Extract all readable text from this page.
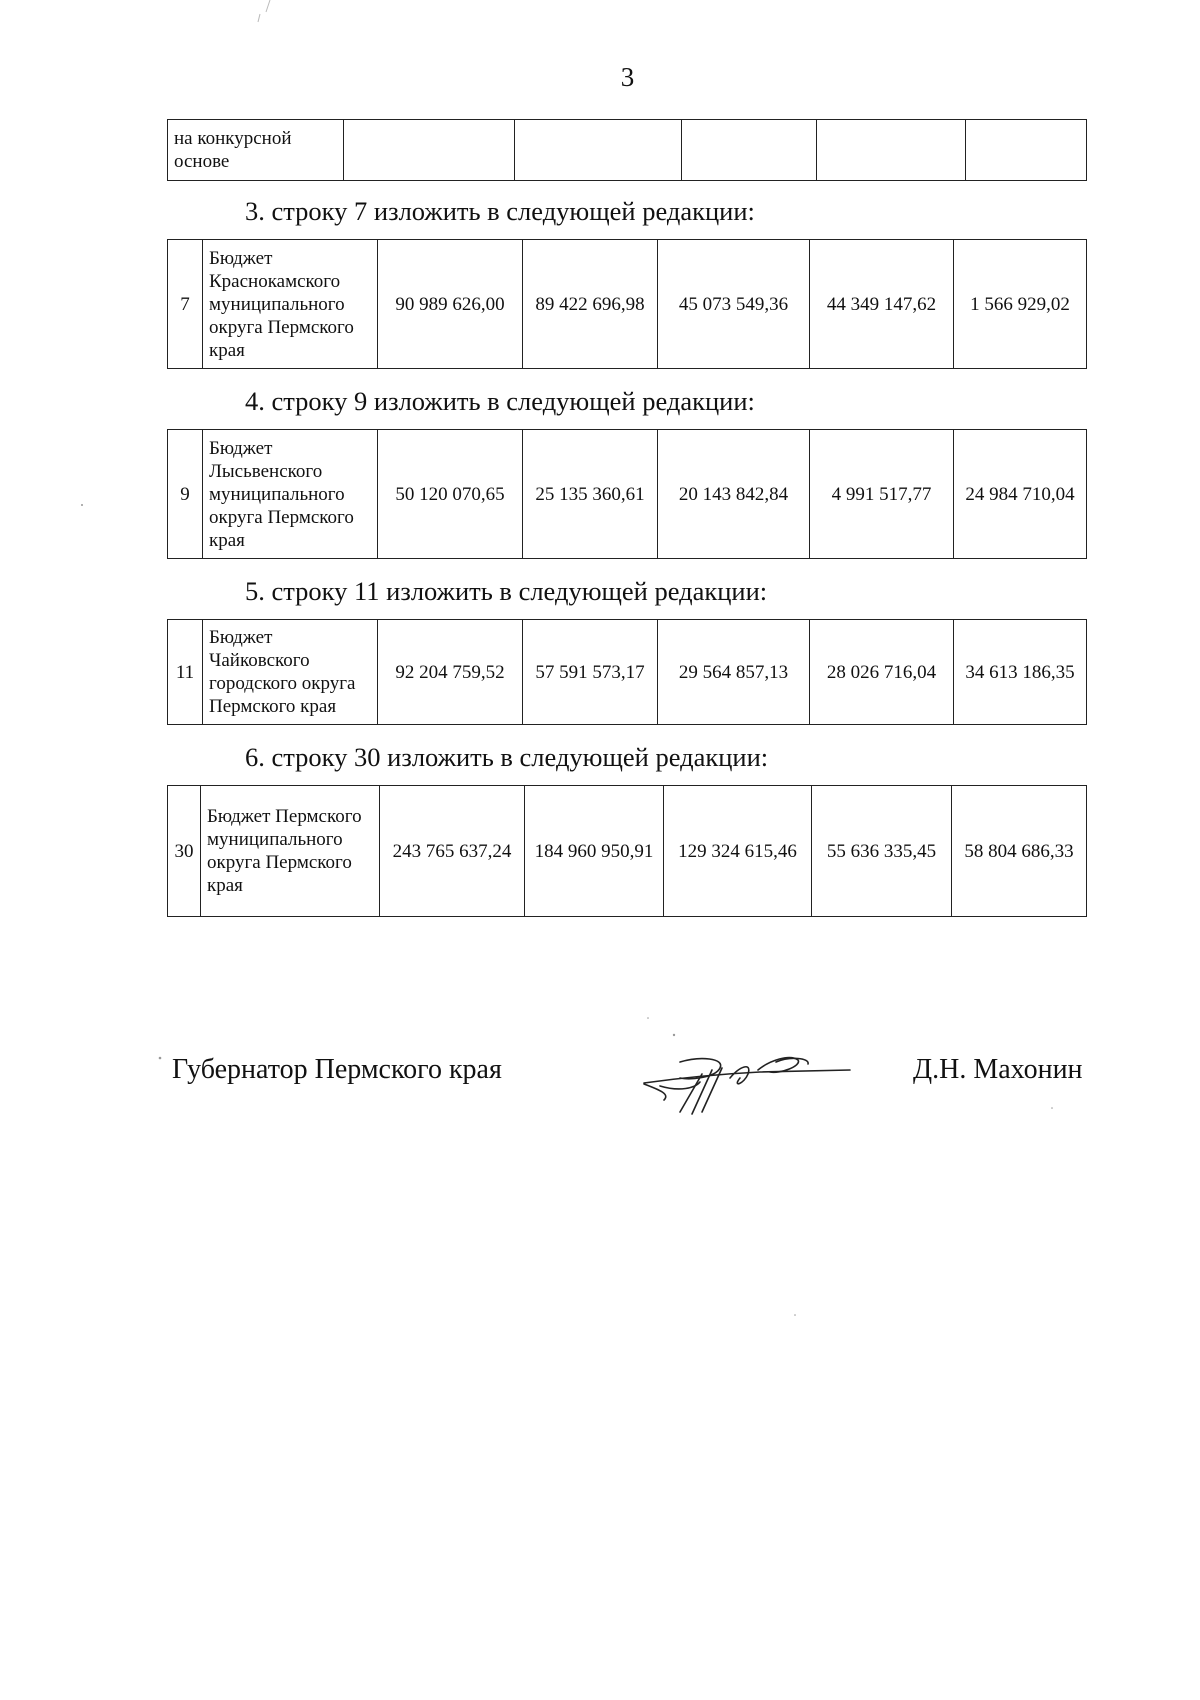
3
на конкурсной основе					
3. строку 7 изложить в следующей редакции:
7	Бюджет Краснокамского муниципального округа Пермского края	90 989 626,00	89 422 696,98	45 073 549,36	44 349 147,62	1 566 929,02
4. строку 9 изложить в следующей редакции:
9	Бюджет Лысьвенского муниципального округа Пермского края	50 120 070,65	25 135 360,61	20 143 842,84	4 991 517,77	24 984 710,04
5. строку 11 изложить в следующей редакции:
11	Бюджет Чайковского городского округа Пермского края	92 204 759,52	57 591 573,17	29 564 857,13	28 026 716,04	34 613 186,35
6. строку 30 изложить в следующей редакции:
30	Бюджет Пермского муниципального округа Пермского края	243 765 637,24	184 960 950,91	129 324 615,46	55 636 335,45	58 804 686,33
Губернатор Пермского края	Д.Н. Махонин
